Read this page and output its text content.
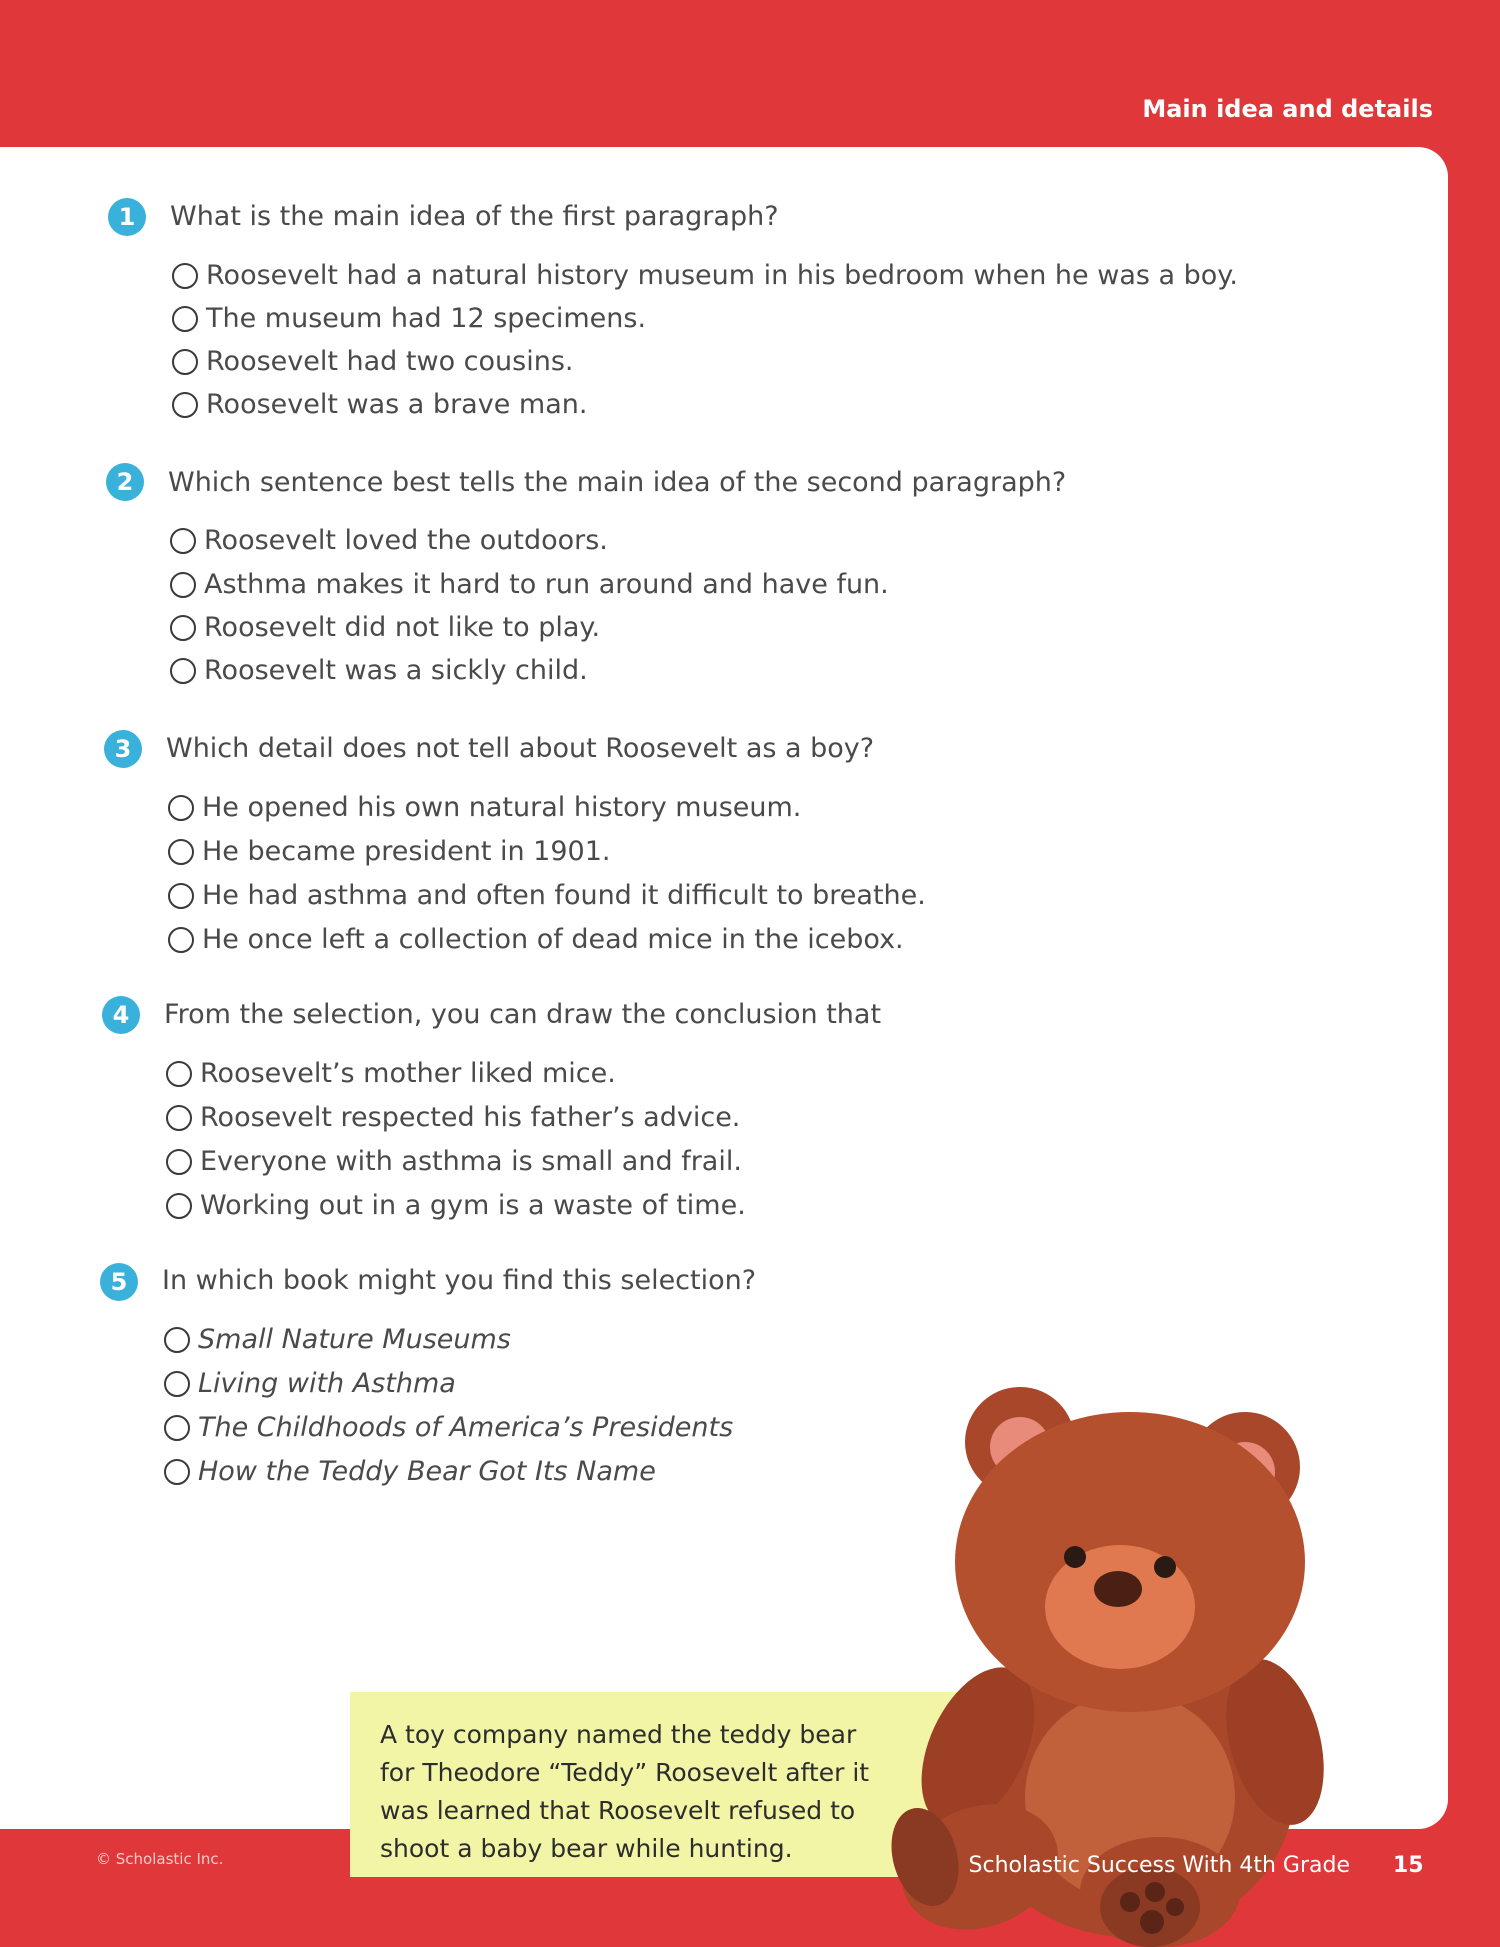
Main idea and details
1	What is the main idea of the first paragraph?
Roosevelt had a natural history museum in his bedroom when he was a boy.
The museum had 12 specimens.
Roosevelt had two cousins.
Roosevelt was a brave man.
2	Which sentence best tells the main idea of the second paragraph?
Roosevelt loved the outdoors.
Asthma makes it hard to run around and have fun.
Roosevelt did not like to play.
Roosevelt was a sickly child.
3	Which detail does not tell about Roosevelt as a boy?
He opened his own natural history museum.
He became president in 1901.
He had asthma and often found it difficult to breathe.
He once left a collection of dead mice in the icebox.
4	From the selection, you can draw the conclusion that
Roosevelt’s mother liked mice.
Roosevelt respected his father’s advice.
Everyone with asthma is small and frail.
Working out in a gym is a waste of time.
5	In which book might you find this selection?
Small Nature Museums
Living with Asthma
The Childhoods of America’s Presidents
How the Teddy Bear Got Its Name
A toy company named the teddy bear for Theodore “Teddy” Roosevelt after it was learned that Roosevelt refused to shoot a baby bear while hunting.
© Scholastic Inc.	Scholastic Success With 4th Grade 15
